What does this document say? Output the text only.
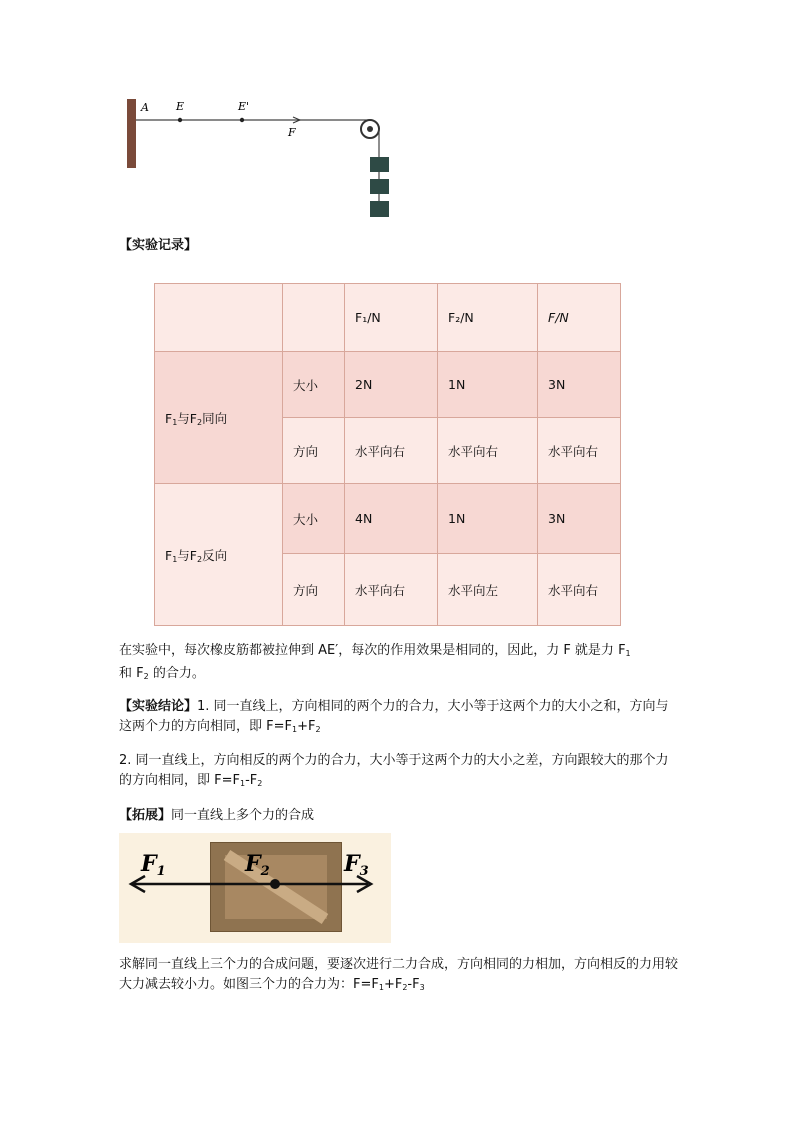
A E	E'
F
【实验记录】
		F₁/N	F₂/N	F/N
$F_1$与$F_2$同向	大小	2N	1N	3N
	方向	水平向右	水平向右	水平向右
$F_1$与$F_2$反向	大小	4N	1N	3N
	方向	水平向右	水平向左	水平向右
在实验中，每次橡皮筋都被拉伸到 AE′，每次的作用效果是相同的，因此，力 F 就是力 $F_1$
和 $F_2$ 的合力。
【实验结论】1. 同一直线上，方向相同的两个力的合力，大小等于这两个力的大小之和，方向与这两个力的方向相同，即 $F=F_1+F_2$
2. 同一直线上，方向相反的两个力的合力，大小等于这两个力的大小之差，方向跟较大的那个力的方向相同，即 $F=F_1-F_2$
【拓展】同一直线上多个力的合成
F1	F2	F3
求解同一直线上三个力的合成问题，要逐次进行二力合成，方向相同的力相加，方向相反的力用较大力减去较小力。如图三个力的合力为：$F=F_1+F_2-F_3$
